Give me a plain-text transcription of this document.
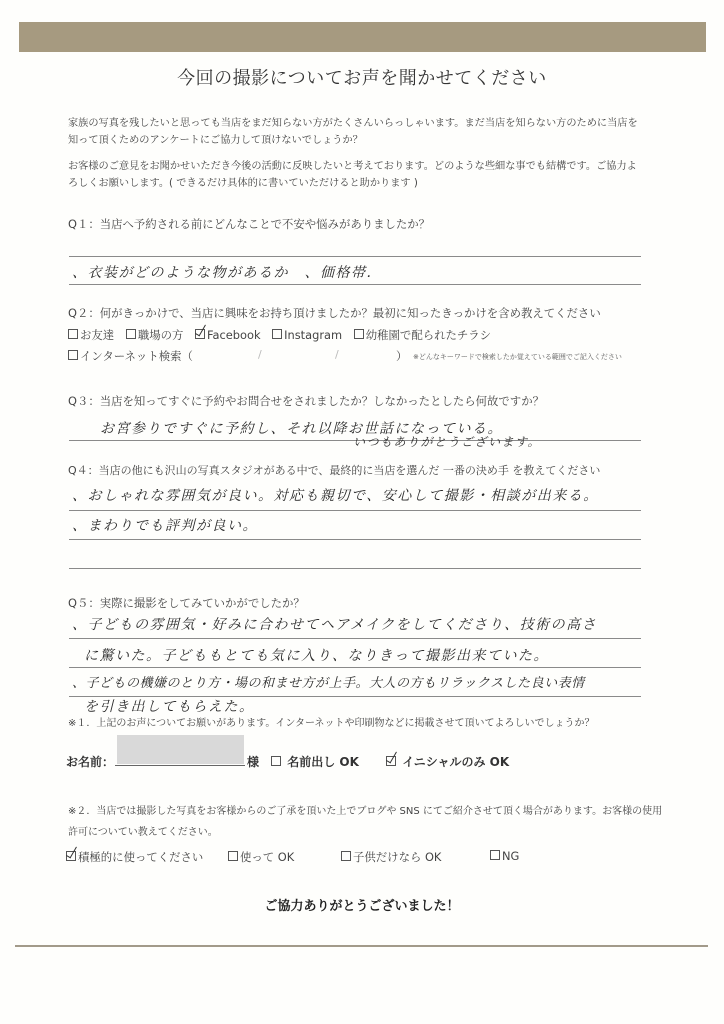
今回の撮影についてお声を聞かせてください
家族の写真を残したいと思っても当店をまだ知らない方がたくさんいらっしゃいます。まだ当店を知らない方のために当店を
知って頂くためのアンケートにご協力して頂けないでしょうか？
お客様のご意見をお聞かせいただき今後の活動に反映したいと考えております。どのような些細な事でも結構です。ご協力よ
ろしくお願いします。( できるだけ具体的に書いていただけると助かります )
Q１：当店へ予約される前にどんなことで不安や悩みがありましたか？
、衣装がどのような物があるか　、価格帯.
Q２：何がきっかけで、当店に興味をお持ち頂けましたか？最初に知ったきっかけを含め教えてください
お友達 職場の方 Facebook Instagram 幼稚園で配られたチラシ
インターネット検索（	/	/	） ※どんなキーワードで検索したか覚えている範囲でご記入ください
Q３：当店を知ってすぐに予約やお問合せをされましたか？しなかったとしたら何故ですか？
お宮参りですぐに予約し、それ以降お世話になっている。
いつもありがとうございます。
Q４：当店の他にも沢山の写真スタジオがある中で、最終的に当店を選んだ 一番の決め手 を教えてください
、おしゃれな雰囲気が良い。対応も親切で、安心して撮影・相談が出来る。
、まわりでも評判が良い。
Q５：実際に撮影をしてみていかがでしたか？
、子どもの雰囲気・好みに合わせてヘアメイクをしてくださり、技術の高さ
に驚いた。子どももとても気に入り、なりきって撮影出来ていた。
、子どもの機嫌のとり方・場の和ませ方が上手。大人の方もリラックスした良い表情
を引き出してもらえた。
※１．上記のお声についてお願いがあります。インターネットや印刷物などに掲載させて頂いてよろしいでしょうか？
お名前：	様	名前出し OK	イニシャルのみ OK
※２．当店では撮影した写真をお客様からのご了承を頂いた上でブログや SNS にてご紹介させて頂く場合があります。お客様の使用
許可についてい教えてください。
積極的に使ってください	使って OK	子供だけなら OK	NG
ご協力ありがとうございました！
